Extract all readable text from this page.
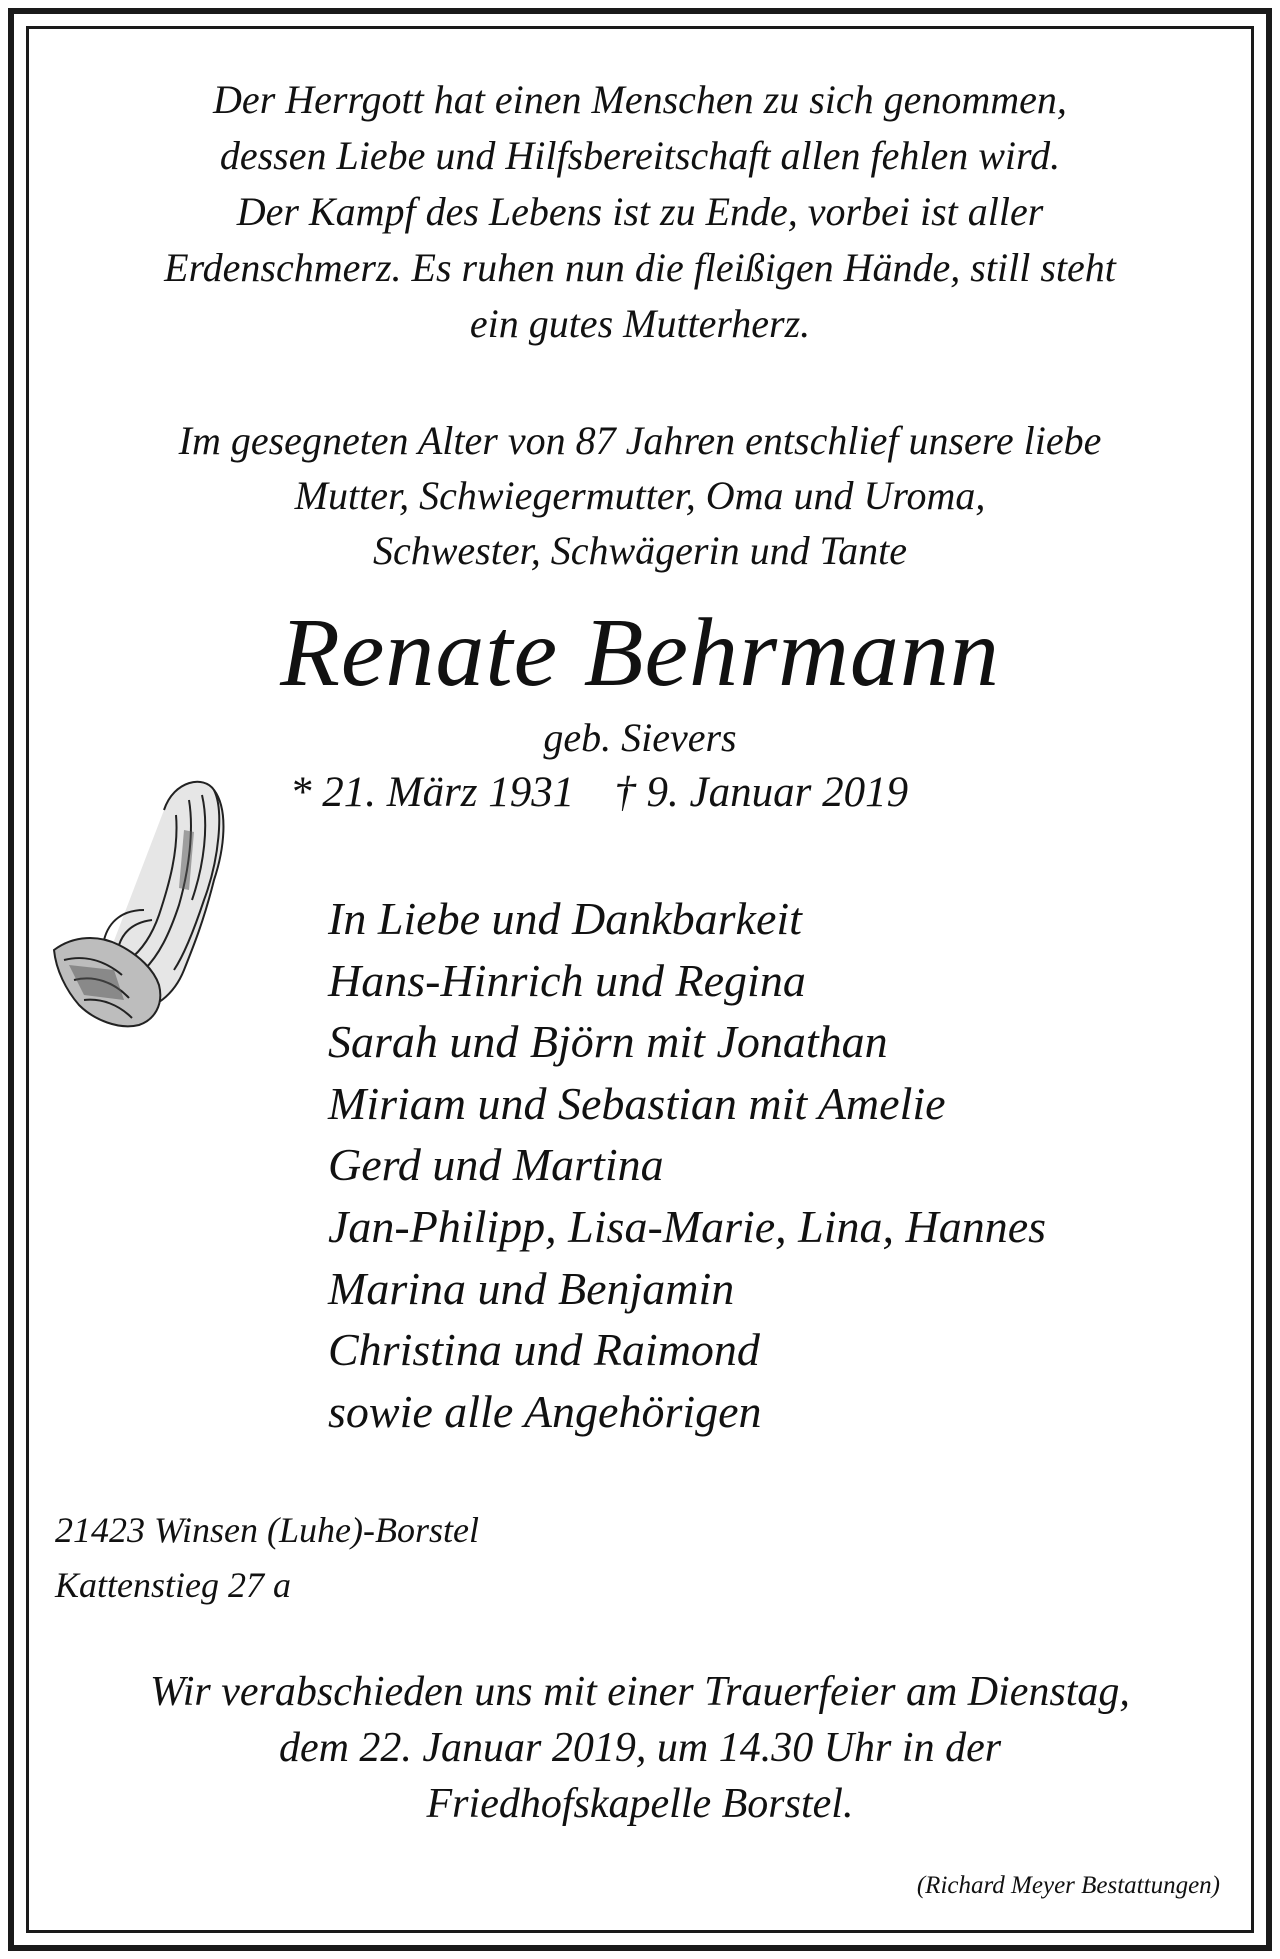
Der Herrgott hat einen Menschen zu sich genommen,

dessen Liebe und Hilfsbereitschaft allen fehlen wird.

Der Kampf des Lebens ist zu Ende, vorbei ist aller

Erdenschmerz. Es ruhen nun die fleißigen Hände, still steht

ein gutes Mutterherz.

Im gesegneten Alter von 87 Jahren entschlief unsere liebe

Mutter, Schwiegermutter, Oma und Uroma,

Schwester, Schwägerin und Tante

Renate Behrmann
geb. Sievers
* 21. März 1931 † 9. Januar 2019
In Liebe und Dankbarkeit
Hans-Hinrich und Regina
Sarah und Björn mit Jonathan
Miriam und Sebastian mit Amelie
Gerd und Martina
Jan-Philipp, Lisa-Marie, Lina, Hannes
Marina und Benjamin
Christina und Raimond
sowie alle Angehörigen
21423 Winsen (Luhe)-Borstel
Kattenstieg 27 a

Wir verabschieden uns mit einer Trauerfeier am Dienstag,

dem 22. Januar 2019, um 14.30 Uhr in der

Friedhofskapelle Borstel.

(Richard Meyer Bestattungen)
